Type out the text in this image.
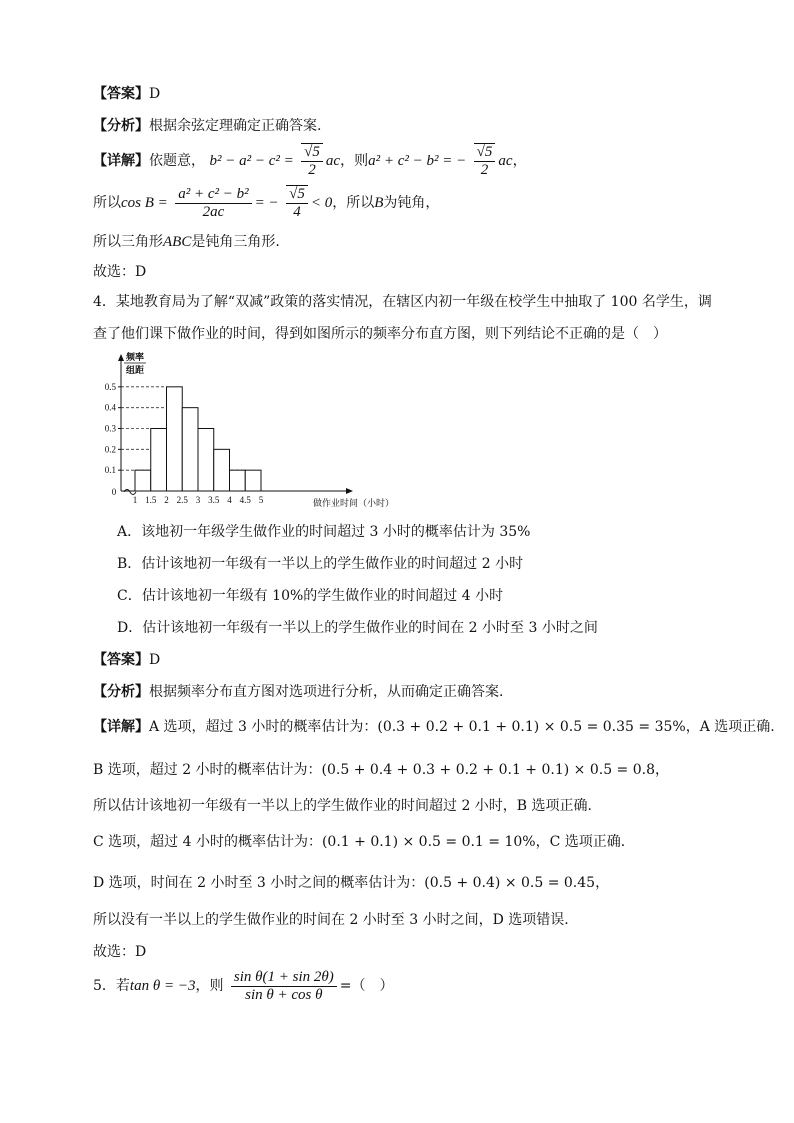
【答案】D
【分析】根据余弦定理确定正确答案.
【详解】依题意， $b^2 - a^2 - c^2 = \frac{√5}{2}$ ac，则a² + c² − b² = − $\frac{√5}{2}$ ac，
所以$\cos B = \frac{\text{a² + c² − b²}}{2ac}$ = − $\frac{√5}{4} < 0$，所以B为钝角，
所以三角形ABC是钝角三角形.
故选：D
4．某地教育局为了解“双减”政策的落实情况，在辖区内初一年级在校学生中抽取了 100 名学生，调
查了他们课下做作业的时间，得到如图所示的频率分布直方图，则下列结论不正确的是（　）
0.1
0.2
0.3
0.4
0.5
1 1.5 2 2.5 3 3.5 4 4.5 5
0
频率
组距
做作业时间（小时）
A．该地初一年级学生做作业的时间超过 3 小时的概率估计为 35%
B．估计该地初一年级有一半以上的学生做作业的时间超过 2 小时
C．估计该地初一年级有 10%的学生做作业的时间超过 4 小时
D．估计该地初一年级有一半以上的学生做作业的时间在 2 小时至 3 小时之间
【答案】D
【分析】根据频率分布直方图对选项进行分析，从而确定正确答案.
【详解】A 选项，超过 3 小时的概率估计为：(0.3 + 0.2 + 0.1 + 0.1) × 0.5 = 0.35 = 35%，A 选项正确.
B 选项，超过 2 小时的概率估计为：(0.5 + 0.4 + 0.3 + 0.2 + 0.1 + 0.1) × 0.5 = 0.8，
所以估计该地初一年级有一半以上的学生做作业的时间超过 2 小时，B 选项正确.
C 选项，超过 4 小时的概率估计为：(0.1 + 0.1) × 0.5 = 0.1 = 10%，C 选项正确.
D 选项，时间在 2 小时至 3 小时之间的概率估计为：(0.5 + 0.4) × 0.5 = 0.45，
所以没有一半以上的学生做作业的时间在 2 小时至 3 小时之间，D 选项错误.
故选：D
5．若tan θ = −3，则 $\frac{\text{sin θ(1 + sin 2θ)}}{\text{sin θ + cos θ}}$ =（　）
